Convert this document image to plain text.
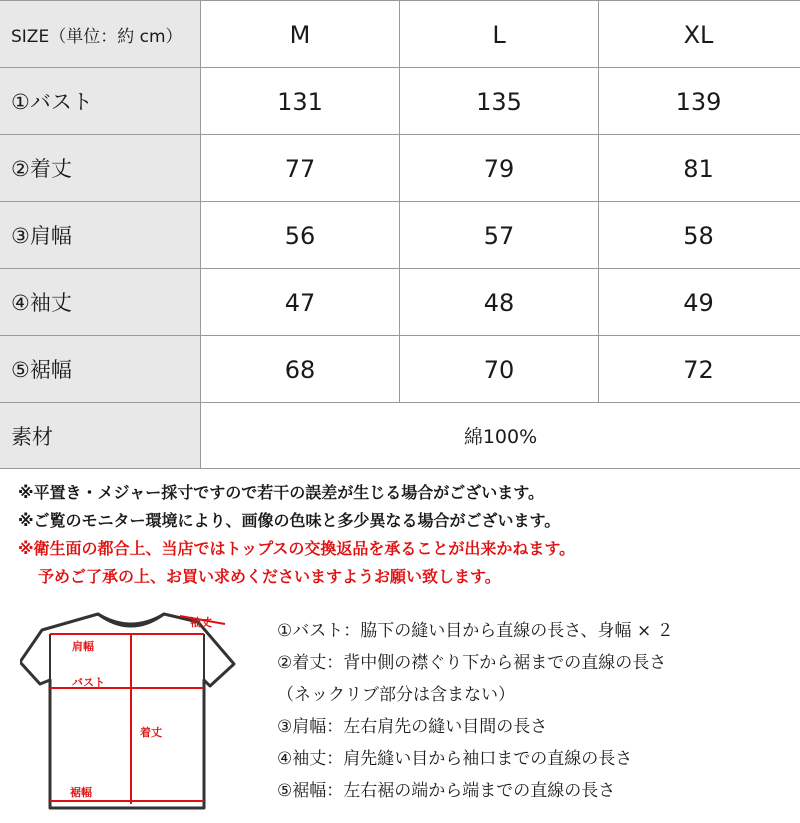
SIZE（単位：約 cm）	M	L	XL
①バスト	131	135	139
②着丈	77	79	81
③肩幅	56	57	58
④袖丈	47	48	49
⑤裾幅	68	70	72
素材	綿100%
※平置き・メジャー採寸ですので若干の誤差が生じる場合がございます。
※ご覧のモニター環境により、画像の色味と多少異なる場合がございます。
※衛生面の都合上、当店ではトップスの交換返品を承ることが出来かねます。
予めご了承の上、お買い求めくださいますようお願い致します。
袖丈
肩幅
バスト
着丈
裾幅
①バスト：脇下の縫い目から直線の長さ、身幅 × ２
②着丈：背中側の襟ぐり下から裾までの直線の長さ
（ネックリブ部分は含まない）
③肩幅：左右肩先の縫い目間の長さ
④袖丈：肩先縫い目から袖口までの直線の長さ
⑤裾幅：左右裾の端から端までの直線の長さ
